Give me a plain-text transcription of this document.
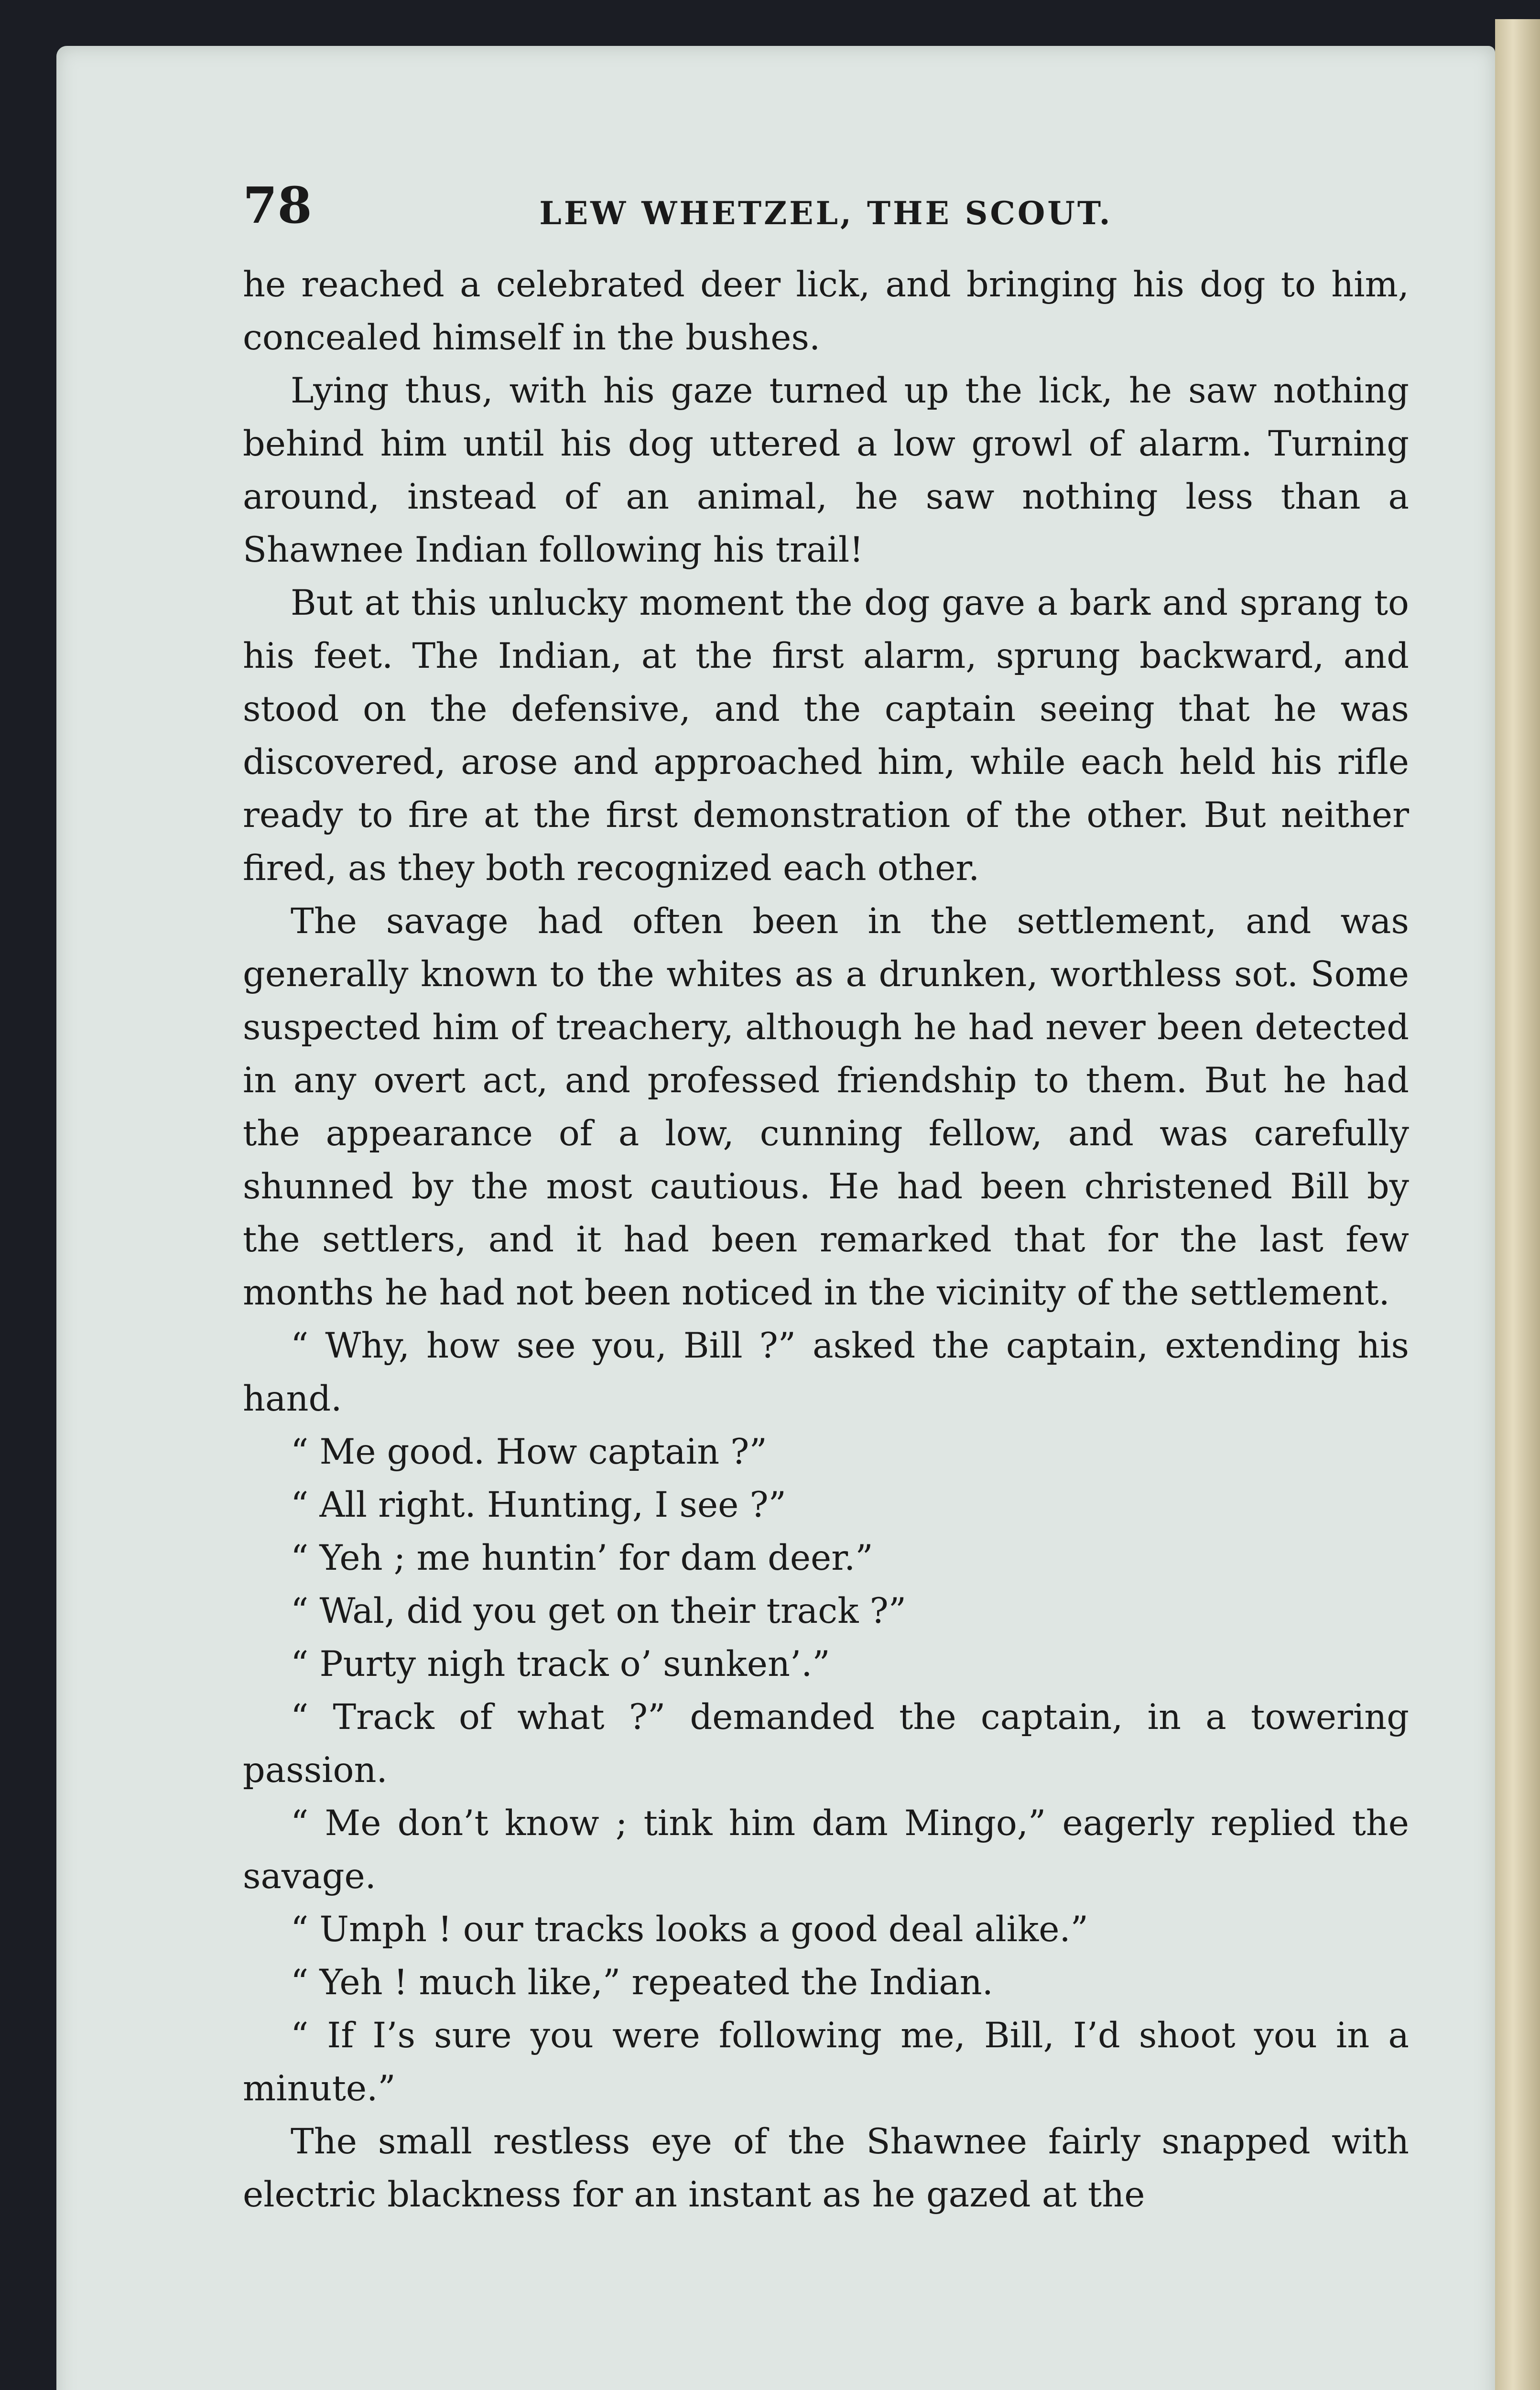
78	LEW WHETZEL, THE SCOUT.

he reached a celebrated deer lick, and bringing his dog to him, concealed himself in the bushes.

Lying thus, with his gaze turned up the lick, he saw nothing behind him until his dog uttered a low growl of alarm. Turning around, instead of an animal, he saw nothing less than a Shawnee Indian following his trail!

But at this unlucky moment the dog gave a bark and sprang to his feet. The Indian, at the first alarm, sprung backward, and stood on the defensive, and the captain seeing that he was discovered, arose and approached him, while each held his rifle ready to fire at the first demonstration of the other. But neither fired, as they both recognized each other.

The savage had often been in the settlement, and was generally known to the whites as a drunken, worthless sot. Some suspected him of treachery, although he had never been detected in any overt act, and professed friendship to them. But he had the appearance of a low, cunning fellow, and was carefully shunned by the most cautious. He had been christened Bill by the settlers, and it had been remarked that for the last few months he had not been noticed in the vicinity of the settlement.

“ Why, how see you, Bill ?” asked the captain, extending his hand.

“ Me good. How captain ?”

“ All right. Hunting, I see ?”

“ Yeh ; me huntin’ for dam deer.”

“ Wal, did you get on their track ?”

“ Purty nigh track o’ sunken’.”

“ Track of what ?” demanded the captain, in a towering passion.

“ Me don’t know ; tink him dam Mingo,” eagerly replied the savage.

“ Umph ! our tracks looks a good deal alike.”

“ Yeh ! much like,” repeated the Indian.

“ If I’s sure you were following me, Bill, I’d shoot you in a minute.”

The small restless eye of the Shawnee fairly snapped with electric blackness for an instant as he gazed at the
